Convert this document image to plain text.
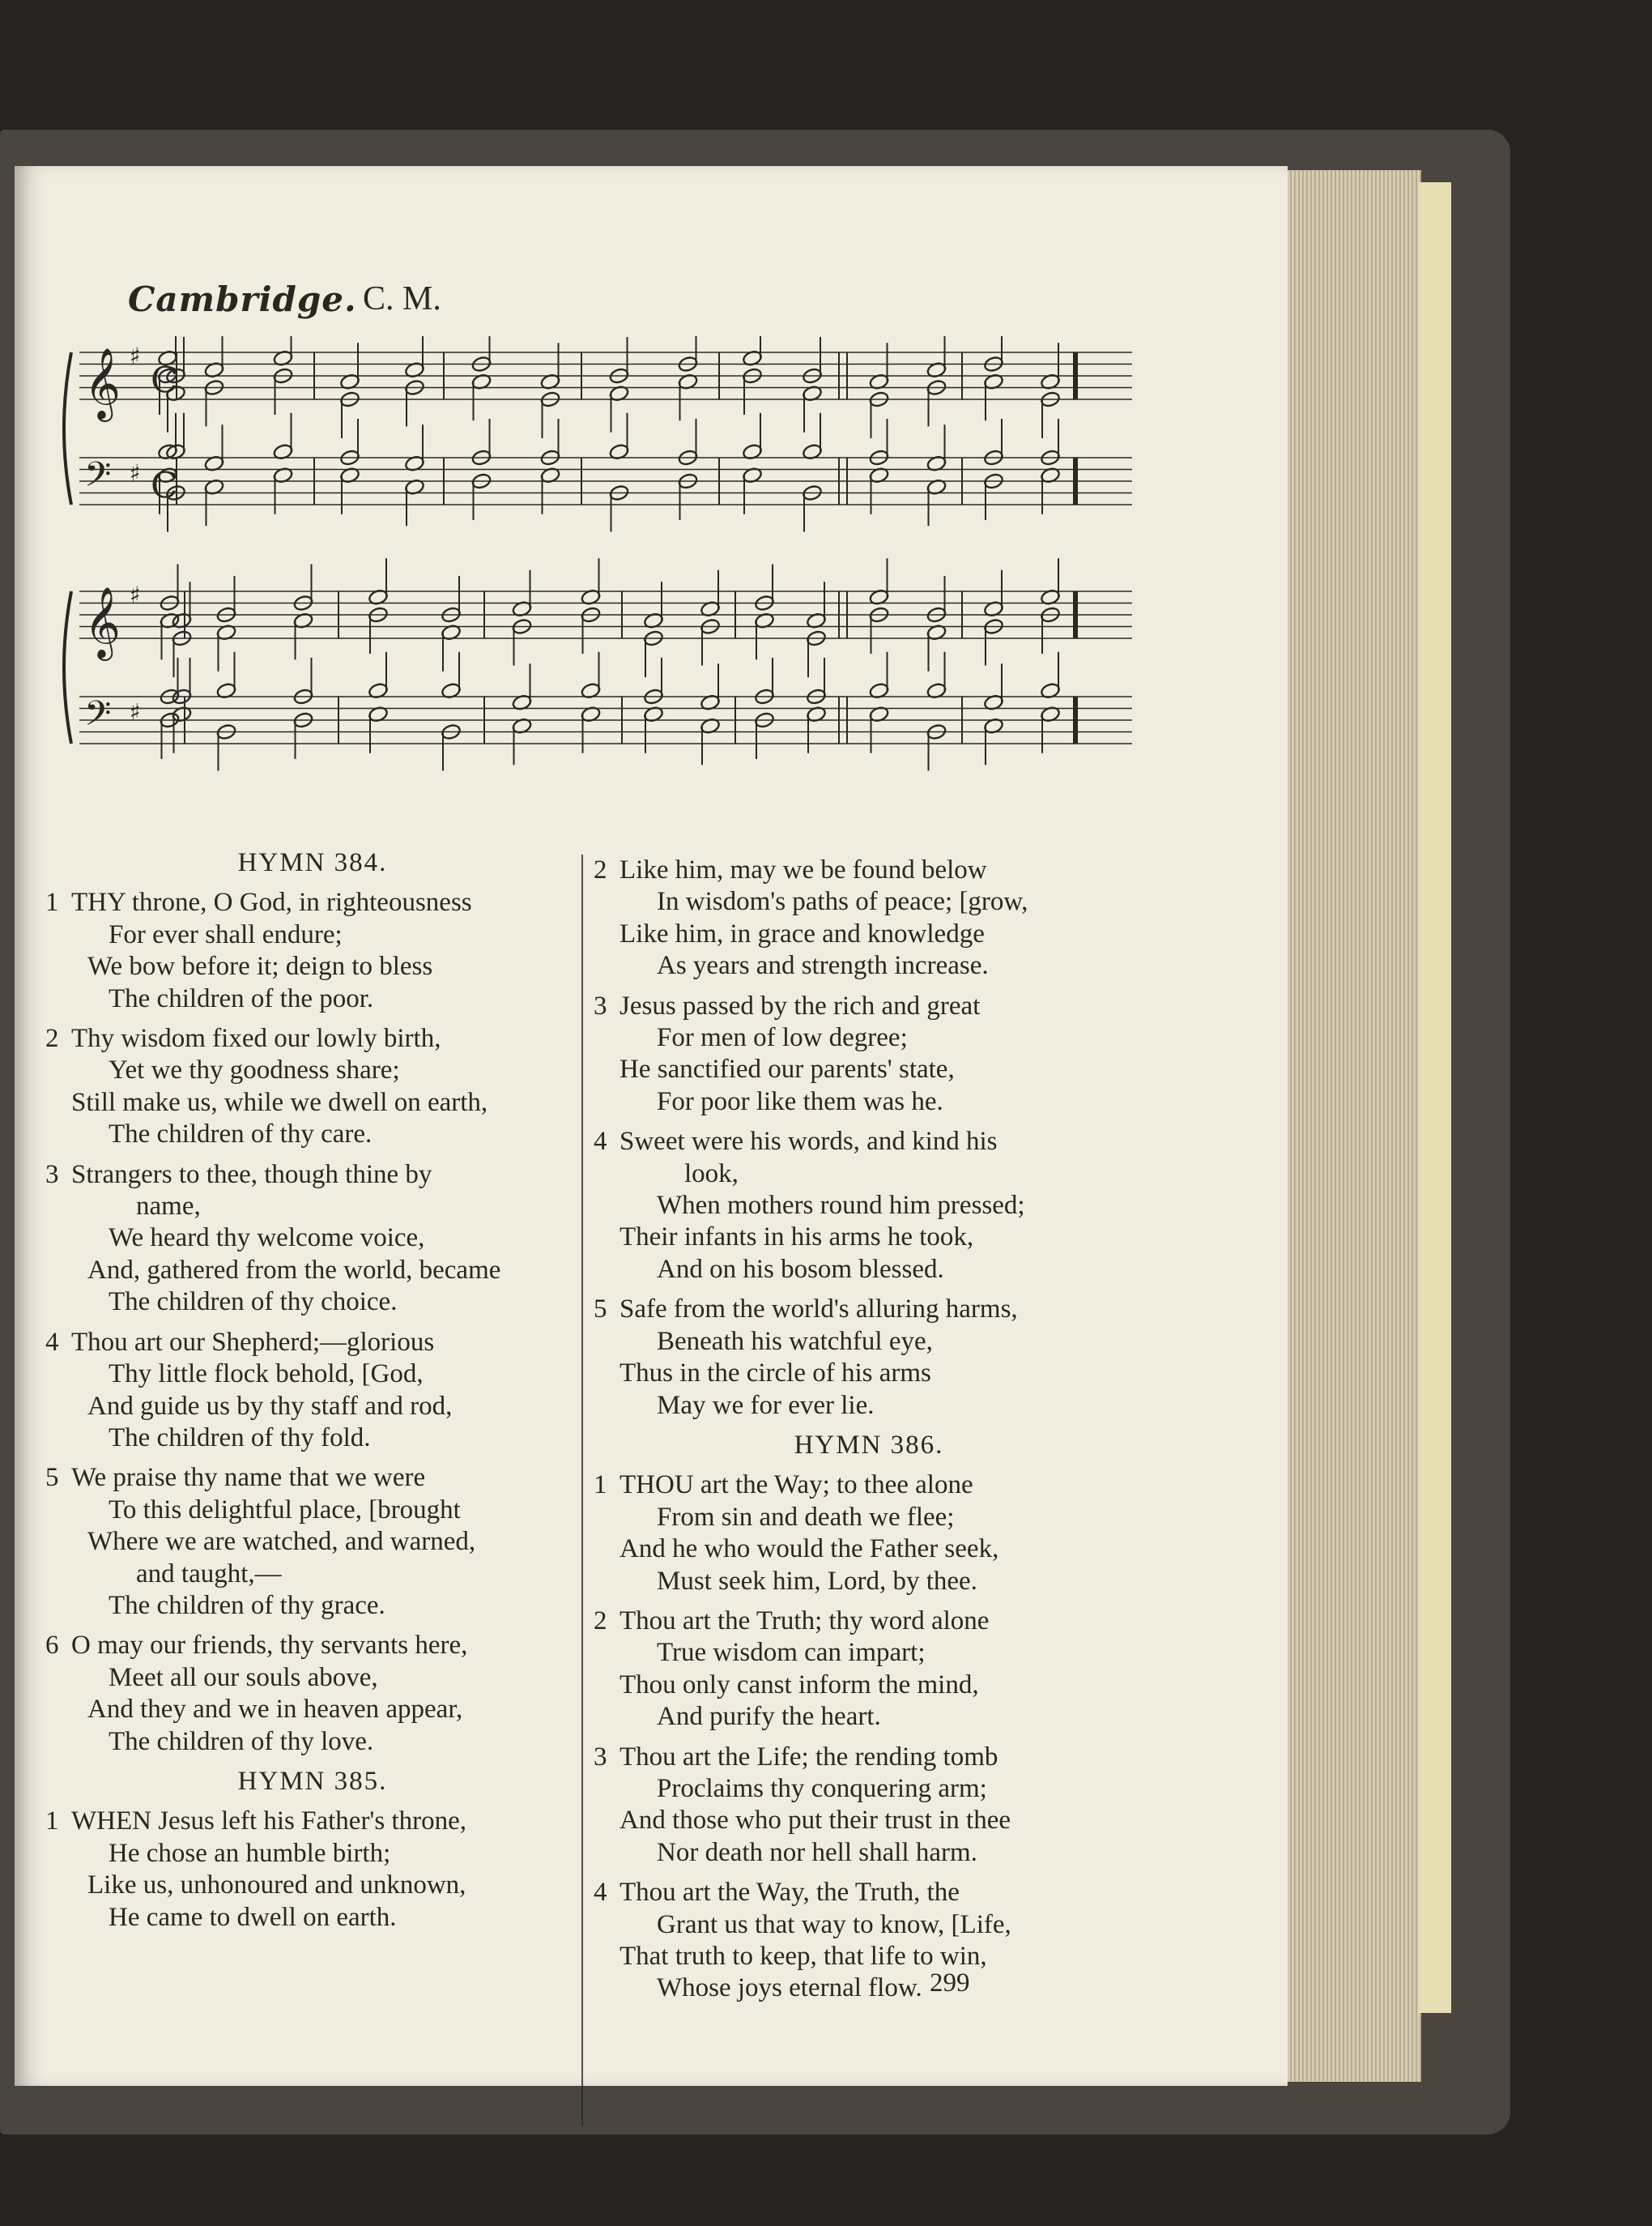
Cambridge. C. M.
𝄞 ♯
C
𝄢 ♯ C
𝄞 ♯
𝄢 ♯
HYMN 384.
1 THY throne, O God, in righteousness
For ever shall endure;
We bow before it; deign to bless
The children of the poor.
2 Thy wisdom fixed our lowly birth,
Yet we thy goodness share;
Still make us, while we dwell on earth,
The children of thy care.
3 Strangers to thee, though thine by
name,
We heard thy welcome voice,
And, gathered from the world, became
The children of thy choice.
4 Thou art our Shepherd;—glorious
Thy little flock behold, [God,
And guide us by thy staff and rod,
The children of thy fold.
5 We praise thy name that we were
To this delightful place, [brought
Where we are watched, and warned,
and taught,—
The children of thy grace.
6 O may our friends, thy servants here,
Meet all our souls above,
And they and we in heaven appear,
The children of thy love.
HYMN 385.
1 WHEN Jesus left his Father's throne,
He chose an humble birth;
Like us, unhonoured and unknown,
He came to dwell on earth.
2 Like him, may we be found below
In wisdom's paths of peace; [grow,
Like him, in grace and knowledge
As years and strength increase.
3 Jesus passed by the rich and great
For men of low degree;
He sanctified our parents' state,
For poor like them was he.
4 Sweet were his words, and kind his
look,
When mothers round him pressed;
Their infants in his arms he took,
And on his bosom blessed.
5 Safe from the world's alluring harms,
Beneath his watchful eye,
Thus in the circle of his arms
May we for ever lie.
HYMN 386.
1 THOU art the Way; to thee alone
From sin and death we flee;
And he who would the Father seek,
Must seek him, Lord, by thee.
2 Thou art the Truth; thy word alone
True wisdom can impart;
Thou only canst inform the mind,
And purify the heart.
3 Thou art the Life; the rending tomb
Proclaims thy conquering arm;
And those who put their trust in thee
Nor death nor hell shall harm.
4 Thou art the Way, the Truth, the
Grant us that way to know, [Life,
That truth to keep, that life to win,
Whose joys eternal flow. 299
